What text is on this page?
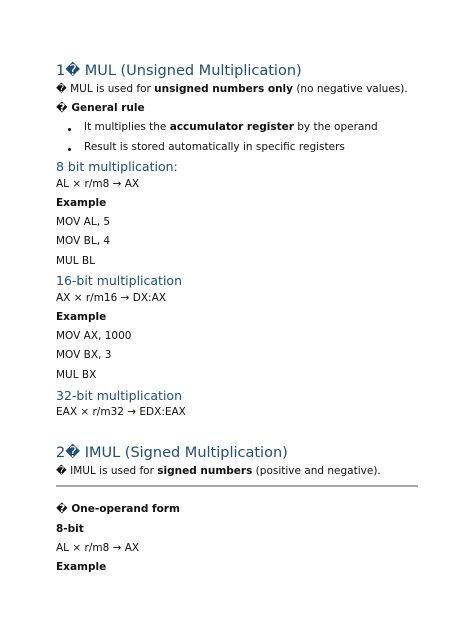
1� MUL (Unsigned Multiplication)
� MUL is used for unsigned numbers only (no negative values).
� General rule
It multiplies the accumulator register by the operand
Result is stored automatically in specific registers
8 bit multiplication:
AL × r/m8 → AX
Example
MOV AL, 5
MOV BL, 4
MUL BL
16-bit multiplication
AX × r/m16 → DX:AX
Example
MOV AX, 1000
MOV BX, 3
MUL BX
32-bit multiplication
EAX × r/m32 → EDX:EAX
2� IMUL (Signed Multiplication)
� IMUL is used for signed numbers (positive and negative).
� One-operand form
8-bit
AL × r/m8 → AX
Example
